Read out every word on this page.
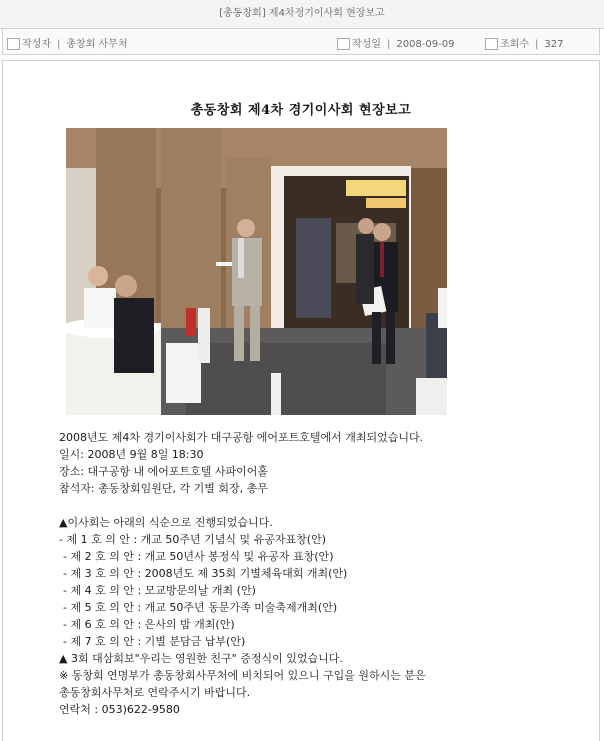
[총동창회] 제4차정기이사회 현장보고
작성자 | 총창회 사무처	작성일 | 2008-09-09	조회수 | 327
총동창회 제4차 경기이사회 현장보고

2008년도 제4차 경기이사회가 대구공항 에어포트호텔에서 개최되었습니다.

일시: 2008년 9월 8일 18:30

장소: 대구공항 내 에어포트호텔 사파이어홀

참석자: 총동창회임원단, 각 기별 회장, 총무

▲이사회는 아래의 식순으로 진행되었습니다.

- 제 1 호 의 안 : 개교 50주년 기념식 및 유공자표창(안)

- 제 2 호 의 안 : 개교 50년사 봉정식 및 유공자 표창(안)

- 제 3 호 의 안 : 2008년도 제 35회 기별체육대회 개최(안)

- 제 4 호 의 안 : 모교방문의날 개최 (안)

- 제 5 호 의 안 : 개교 50주년 동문가족 미술축제개최(안)

- 제 6 호 의 안 : 은사의 밤 개최(안)

- 제 7 호 의 안 : 기별 분담금 납부(안)

▲ 3회 대삼회보"우리는 영원한 친구" 증정식이 있었습니다.

※ 동창회 연명부가 총동창회사무처에 비치되어 있으니 구입을 원하시는 분은

총동창회사무처로 연락주시기 바랍니다.

연락처 : 053)622-9580
